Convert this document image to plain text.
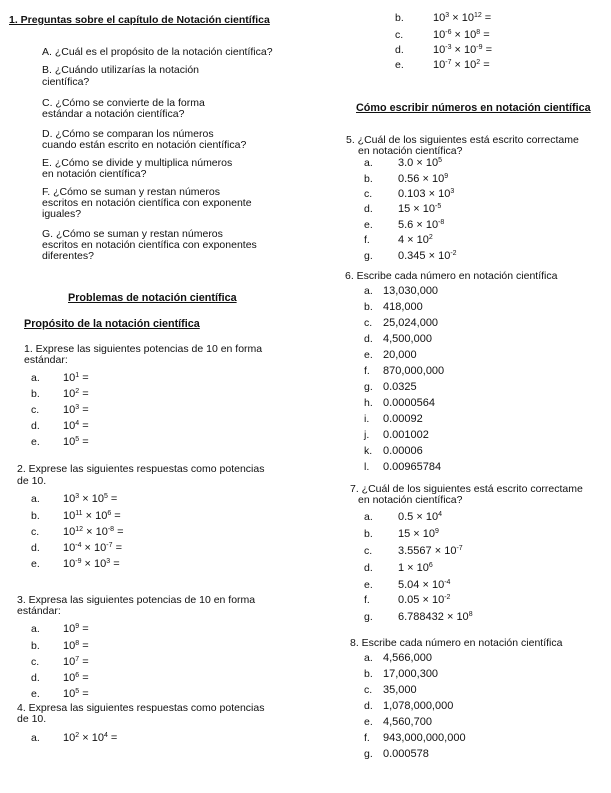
1. Preguntas sobre el capítulo de Notación científica
A. ¿Cuál es el propósito de la notación científica?
B. ¿Cuándo utilizarías la notación
científica?
C. ¿Cómo se convierte de la forma
estándar a notación científica?
D. ¿Cómo se comparan los números
cuando están escrito en notación científica?
E. ¿Cómo se divide y multiplica números
en notación científica?
F. ¿Cómo se suman y restan números
escritos en notación científica con exponente
iguales?
G. ¿Cómo se suman y restan números
escritos en notación científica con exponentes
diferentes?
Problemas de notación científica
Propósito de la notación científica
1. Exprese las siguientes potencias de 10 en forma
estándar:
a. $10^1$ =
b. $10^2$ =
c. $10^3$ =
d. $10^4$ =
e. $10^5$ =
2. Exprese las siguientes respuestas como potencias
de 10.
a. $10^3 \times 10^5$ =
b. $10^{11} \times 10^6$ =
c. $10^{12} \times 10^{-8}$ =
d. $10^{-4} \times 10^{-7}$ =
e. $10^{-9} \times 10^3$ =
3. Expresa las siguientes potencias de 10 en forma
estándar:
a. $10^9$ =
b. $10^8$ =
c. $10^7$ =
d. $10^6$ =
e. $10^5$ =
4. Expresa las siguientes respuestas como potencias
de 10.
a. $10^2 \times 10^4$ =
b.	$10^3 \times 10^{12}$ =
c.	$10^{-6} \times 10^8$ =
d.	$10^{-3} \times 10^{-9}$ =
e.	$10^{-7} \times 10^2$ =
Cómo escribir números en notación científica
5. ¿Cuál de los siguientes está escrito correctame
en notación científica?
a. $3.0 \times 10^5$
b. $0.56 \times 10^9$
c. $0.103 \times 10^3$
d. $15 \times 10^{-5}$
e. $5.6 \times 10^{-8}$
f.	$4 \times 10^2$
g. $0.345 \times 10^{-2}$
6. Escribe cada número en notación científica
a. 13,030,000
b. 418,000
c. 25,024,000
d. 4,500,000
e. 20,000
f. 870,000,000
g. 0.0325
h. 0.0000564
i. 0.00092
j. 0.001002
k. 0.00006
l. 0.00965784
7. ¿Cuál de los siguientes está escrito correctame
en notación científica?
a. $0.5 \times 10^4$
b. $15 \times 10^9$
c. $3.5567 \times 10^{-7}$
d. $1 \times 10^6$
e. $5.04 \times 10^{-4}$
f.	$0.05 \times 10^{-2}$
g. $6.788432 \times 10^8$
8. Escribe cada número en notación científica
a. 4,566,000
b. 17,000,300
c. 35,000
d. 1,078,000,000
e. 4,560,700
f. 943,000,000,000
g. 0.000578
